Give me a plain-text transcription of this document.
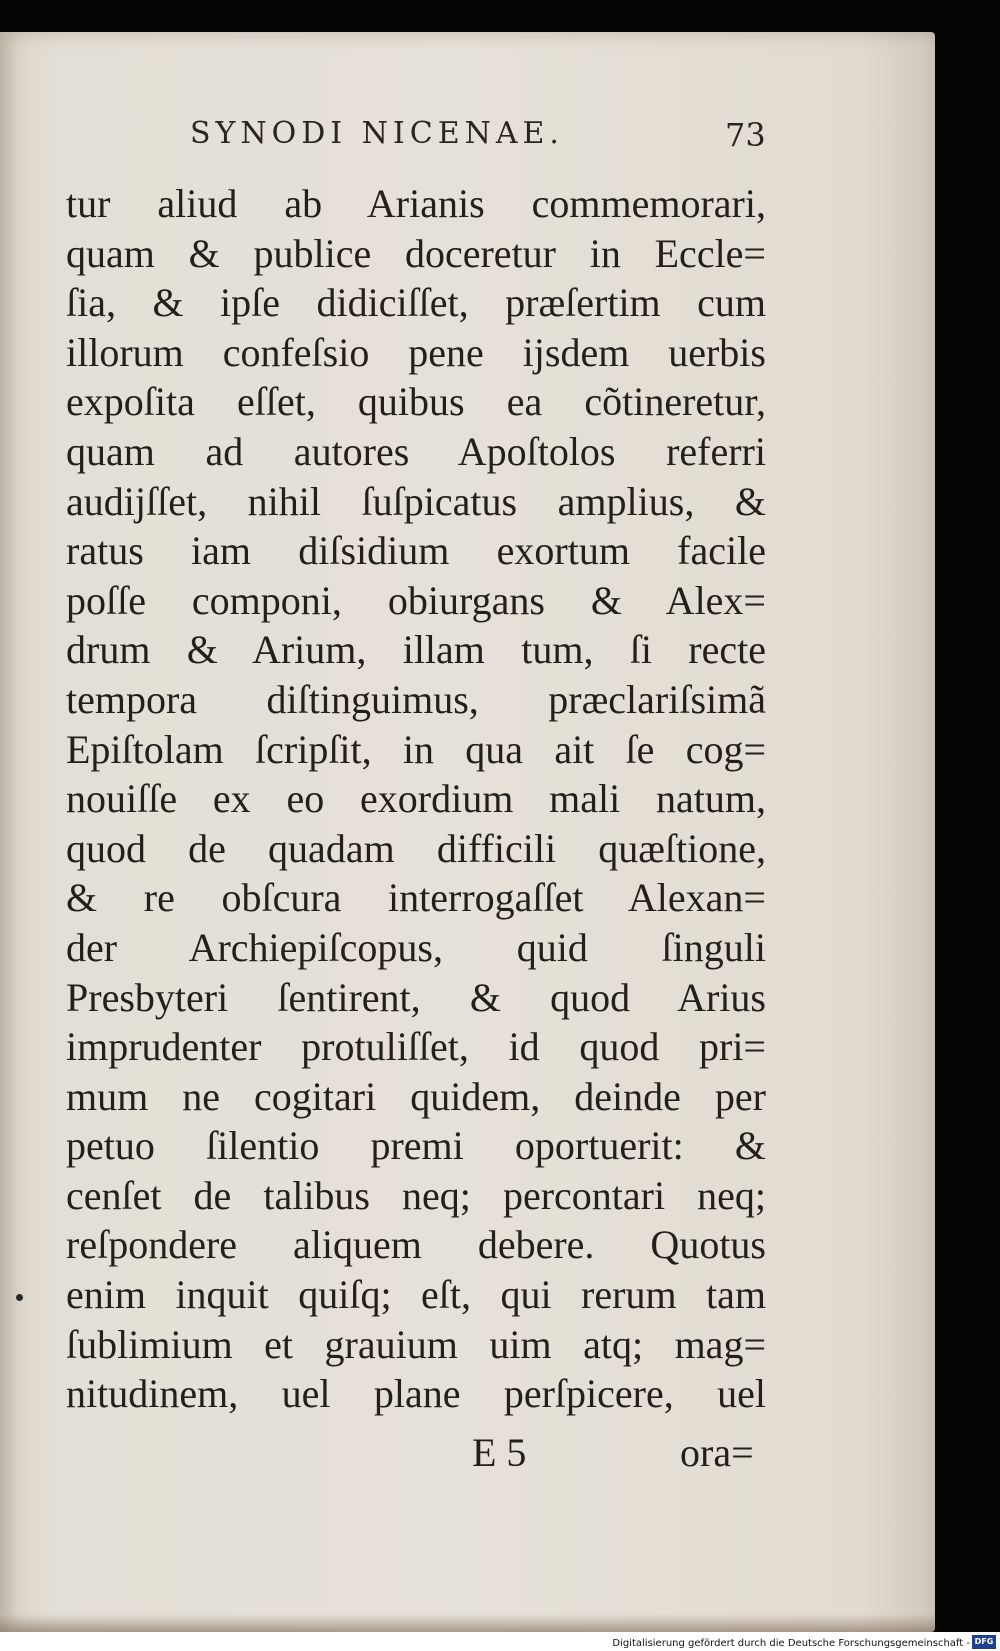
SYNODI NICENAE.	73
tur aliud ab Arianis commemorari,
quam & publice doceretur in Eccle=
ſia, & ipſe didiciſſet, præſertim cum
illorum confeſsio pene ijsdem uerbis
expoſita eſſet, quibus ea cõtineretur,
quam ad autores Apoſtolos referri
audijſſet, nihil ſuſpicatus amplius, &
ratus iam diſsidium exortum facile
poſſe componi, obiurgans & Alex=
drum & Arium, illam tum, ſi recte
tempora diſtinguimus, præclariſsimã
Epiſtolam ſcripſit, in qua ait ſe cog=
nouiſſe ex eo exordium mali natum,
quod de quadam difficili quæſtione,
& re obſcura interrogaſſet Alexan=
der Archiepiſcopus, quid ſinguli
Presbyteri ſentirent, & quod Arius
imprudenter protuliſſet, id quod pri=
mum ne cogitari quidem, deinde per
petuo ſilentio premi oportuerit: &
cenſet de talibus neq; percontari neq;
reſpondere aliquem debere. Quotus
enim inquit quiſq; eſt, qui rerum tam
ſublimium et grauium uim atq; mag=
nitudinem, uel plane perſpicere, uel
E 5	ora=
Digitalisierung gefördert durch die Deutsche Forschungsgemeinschaft - DFG
